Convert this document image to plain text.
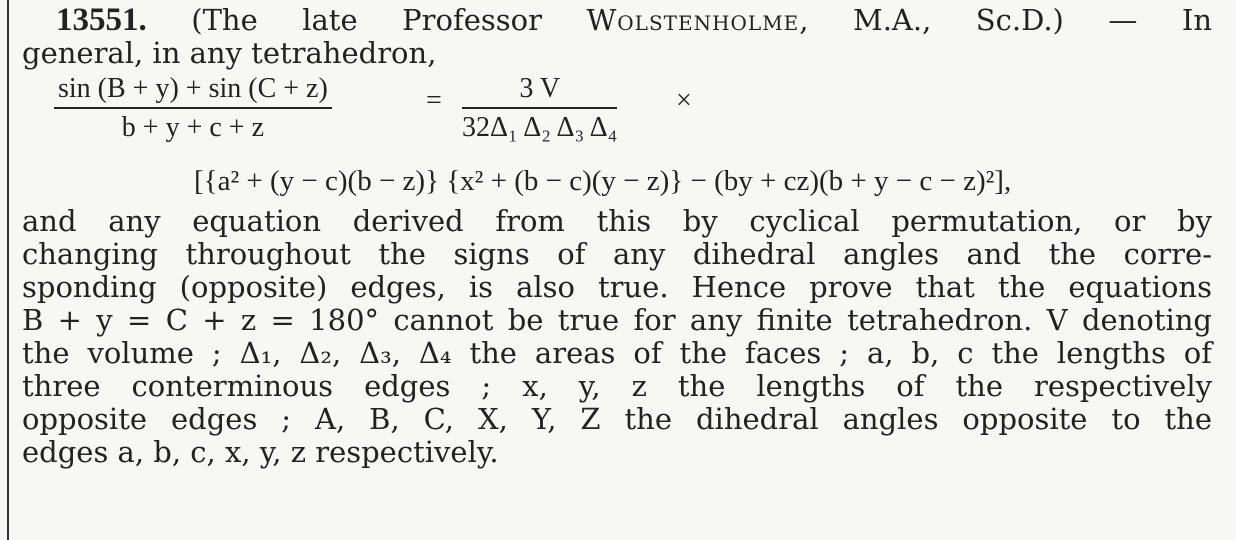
13551. (The late Professor Wolstenholme, M.A., Sc.D.) — In
general, in any tetrahedron,
sin (B + y) + sin (C + z)
b + y + c + z
=	3 V
32Δ₁ Δ₂ Δ₃ Δ₄
×
[{a² + (y − c)(b − z)} {x² + (b − c)(y − z)} − (by + cz)(b + y − c − z)²],
and any equation derived from this by cyclical permutation, or by
changing throughout the signs of any dihedral angles and the corre-
sponding (opposite) edges, is also true. Hence prove that the equations
B + y = C + z = 180° cannot be true for any finite tetrahedron. V denoting
the volume ; Δ₁, Δ₂, Δ₃, Δ₄ the areas of the faces ; a, b, c the lengths of
three conterminous edges ; x, y, z the lengths of the respectively
opposite edges ; A, B, C, X, Y, Z the dihedral angles opposite to the
edges a, b, c, x, y, z respectively.
